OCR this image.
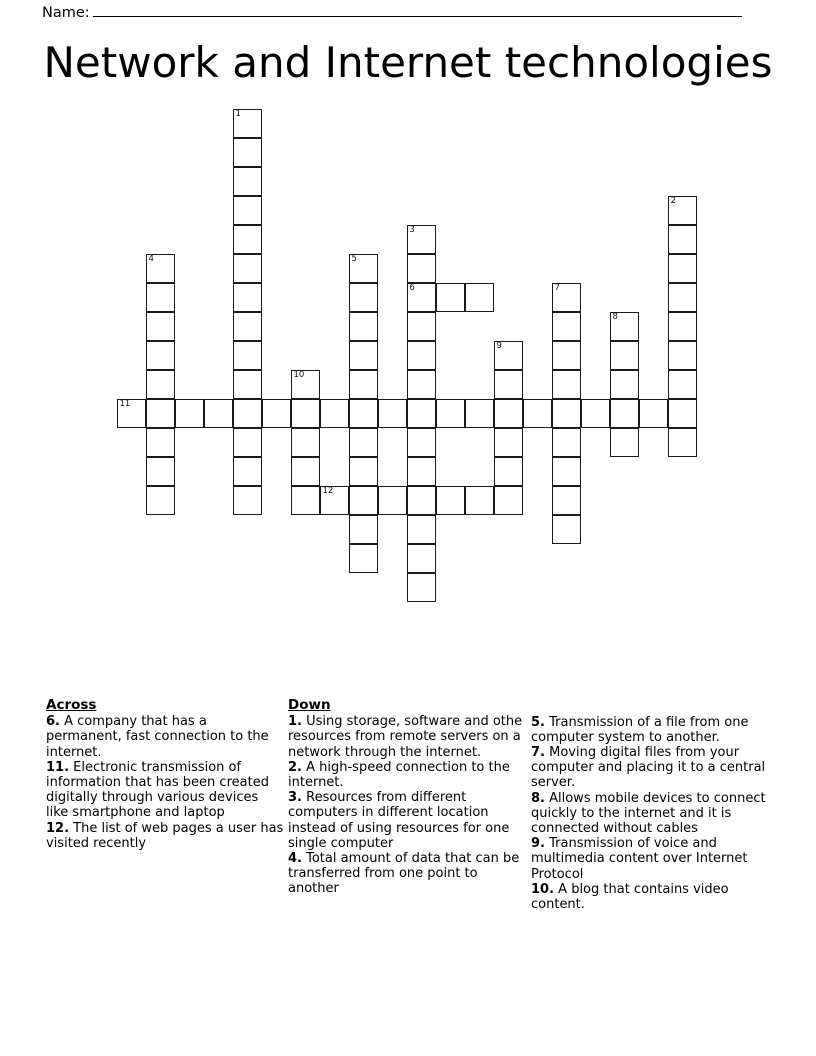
Name:
Network and Internet technologies
1
2
3
4	5
6	7
8
9
10
11
12
Across
6. A company that has a permanent, fast connection to the internet.
11. Electronic transmission of information that has been created digitally through various devices like smartphone and laptop
12. The list of web pages a user has visited recently
Down
1. Using storage, software and othe resources from remote servers on a network through the internet.
2. A high-speed connection to the internet.
3. Resources from different computers in different location instead of using resources for one single computer
4. Total amount of data that can be transferred from one point to another
5. Transmission of a file from one computer system to another.
7. Moving digital files from your computer and placing it to a central server.
8. Allows mobile devices to connect quickly to the internet and it is connected without cables
9. Transmission of voice and multimedia content over Internet Protocol
10. A blog that contains video content.
